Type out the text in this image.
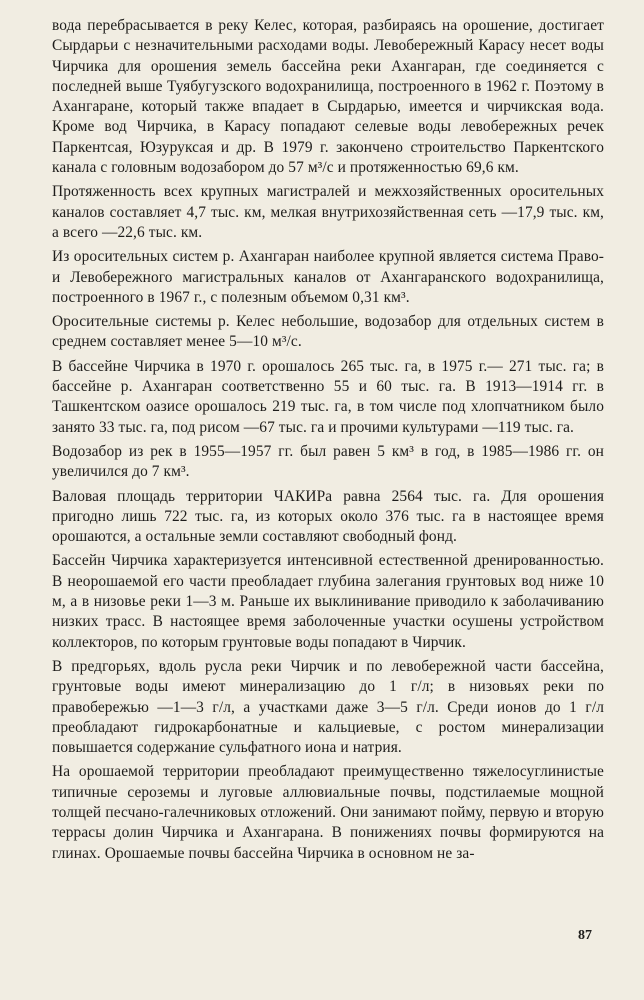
вода перебрасывается в реку Келес, которая, разбираясь на орошение, достигает Сырдарьи с незначительными расходами воды. Левобережный Карасу несет воды Чирчика для орошения земель бассейна реки Ахангаран, где соединяется с последней выше Туябугузского водохранилища, построенного в 1962 г. Поэтому в Ахангаране, который также впадает в Сырдарью, имеется и чирчикская вода. Кроме вод Чирчика, в Карасу попадают селевые воды левобережных речек Паркентсая, Юзуруксая и др. В 1979 г. закончено строительство Паркентского канала с головным водозабором до 57 м³/с и протяженностью 69,6 км.

Протяженность всех крупных магистралей и межхозяйственных оросительных каналов составляет 4,7 тыс. км, мелкая внутрихозяйственная сеть —17,9 тыс. км, а всего —22,6 тыс. км.

Из оросительных систем р. Ахангаран наиболее крупной является система Право- и Левобережного магистральных каналов от Ахангаранского водохранилища, построенного в 1967 г., с полезным объемом 0,31 км³.

Оросительные системы р. Келес небольшие, водозабор для отдельных систем в среднем составляет менее 5—10 м³/с.

В бассейне Чирчика в 1970 г. орошалось 265 тыс. га, в 1975 г.— 271 тыс. га; в бассейне р. Ахангаран соответственно 55 и 60 тыс. га. В 1913—1914 гг. в Ташкентском оазисе орошалось 219 тыс. га, в том числе под хлопчатником было занято 33 тыс. га, под рисом —67 тыс. га и прочими культурами —119 тыс. га.

Водозабор из рек в 1955—1957 гг. был равен 5 км³ в год, в 1985—1986 гг. он увеличился до 7 км³.

Валовая площадь территории ЧАКИРа равна 2564 тыс. га. Для орошения пригодно лишь 722 тыс. га, из которых около 376 тыс. га в настоящее время орошаются, а остальные земли составляют свободный фонд.

Бассейн Чирчика характеризуется интенсивной естественной дренированностью. В неорошаемой его части преобладает глубина залегания грунтовых вод ниже 10 м, а в низовье реки 1—3 м. Раньше их выклинивание приводило к заболачиванию низких трасс. В настоящее время заболоченные участки осушены устройством коллекторов, по которым грунтовые воды попадают в Чирчик.

В предгорьях, вдоль русла реки Чирчик и по левобережной части бассейна, грунтовые воды имеют минерализацию до 1 г/л; в низовьях реки по правобережью —1—3 г/л, а участками даже 3—5 г/л. Среди ионов до 1 г/л преобладают гидрокарбонатные и кальциевые, с ростом минерализации повышается содержание сульфатного иона и натрия.

На орошаемой территории преобладают преимущественно тяжелосуглинистые типичные сероземы и луговые аллювиальные почвы, подстилаемые мощной толщей песчано-галечниковых отложений. Они занимают пойму, первую и вторую террасы долин Чирчика и Ахангарана. В понижениях почвы формируются на глинах. Орошаемые почвы бассейна Чирчика в основном не за-

87
